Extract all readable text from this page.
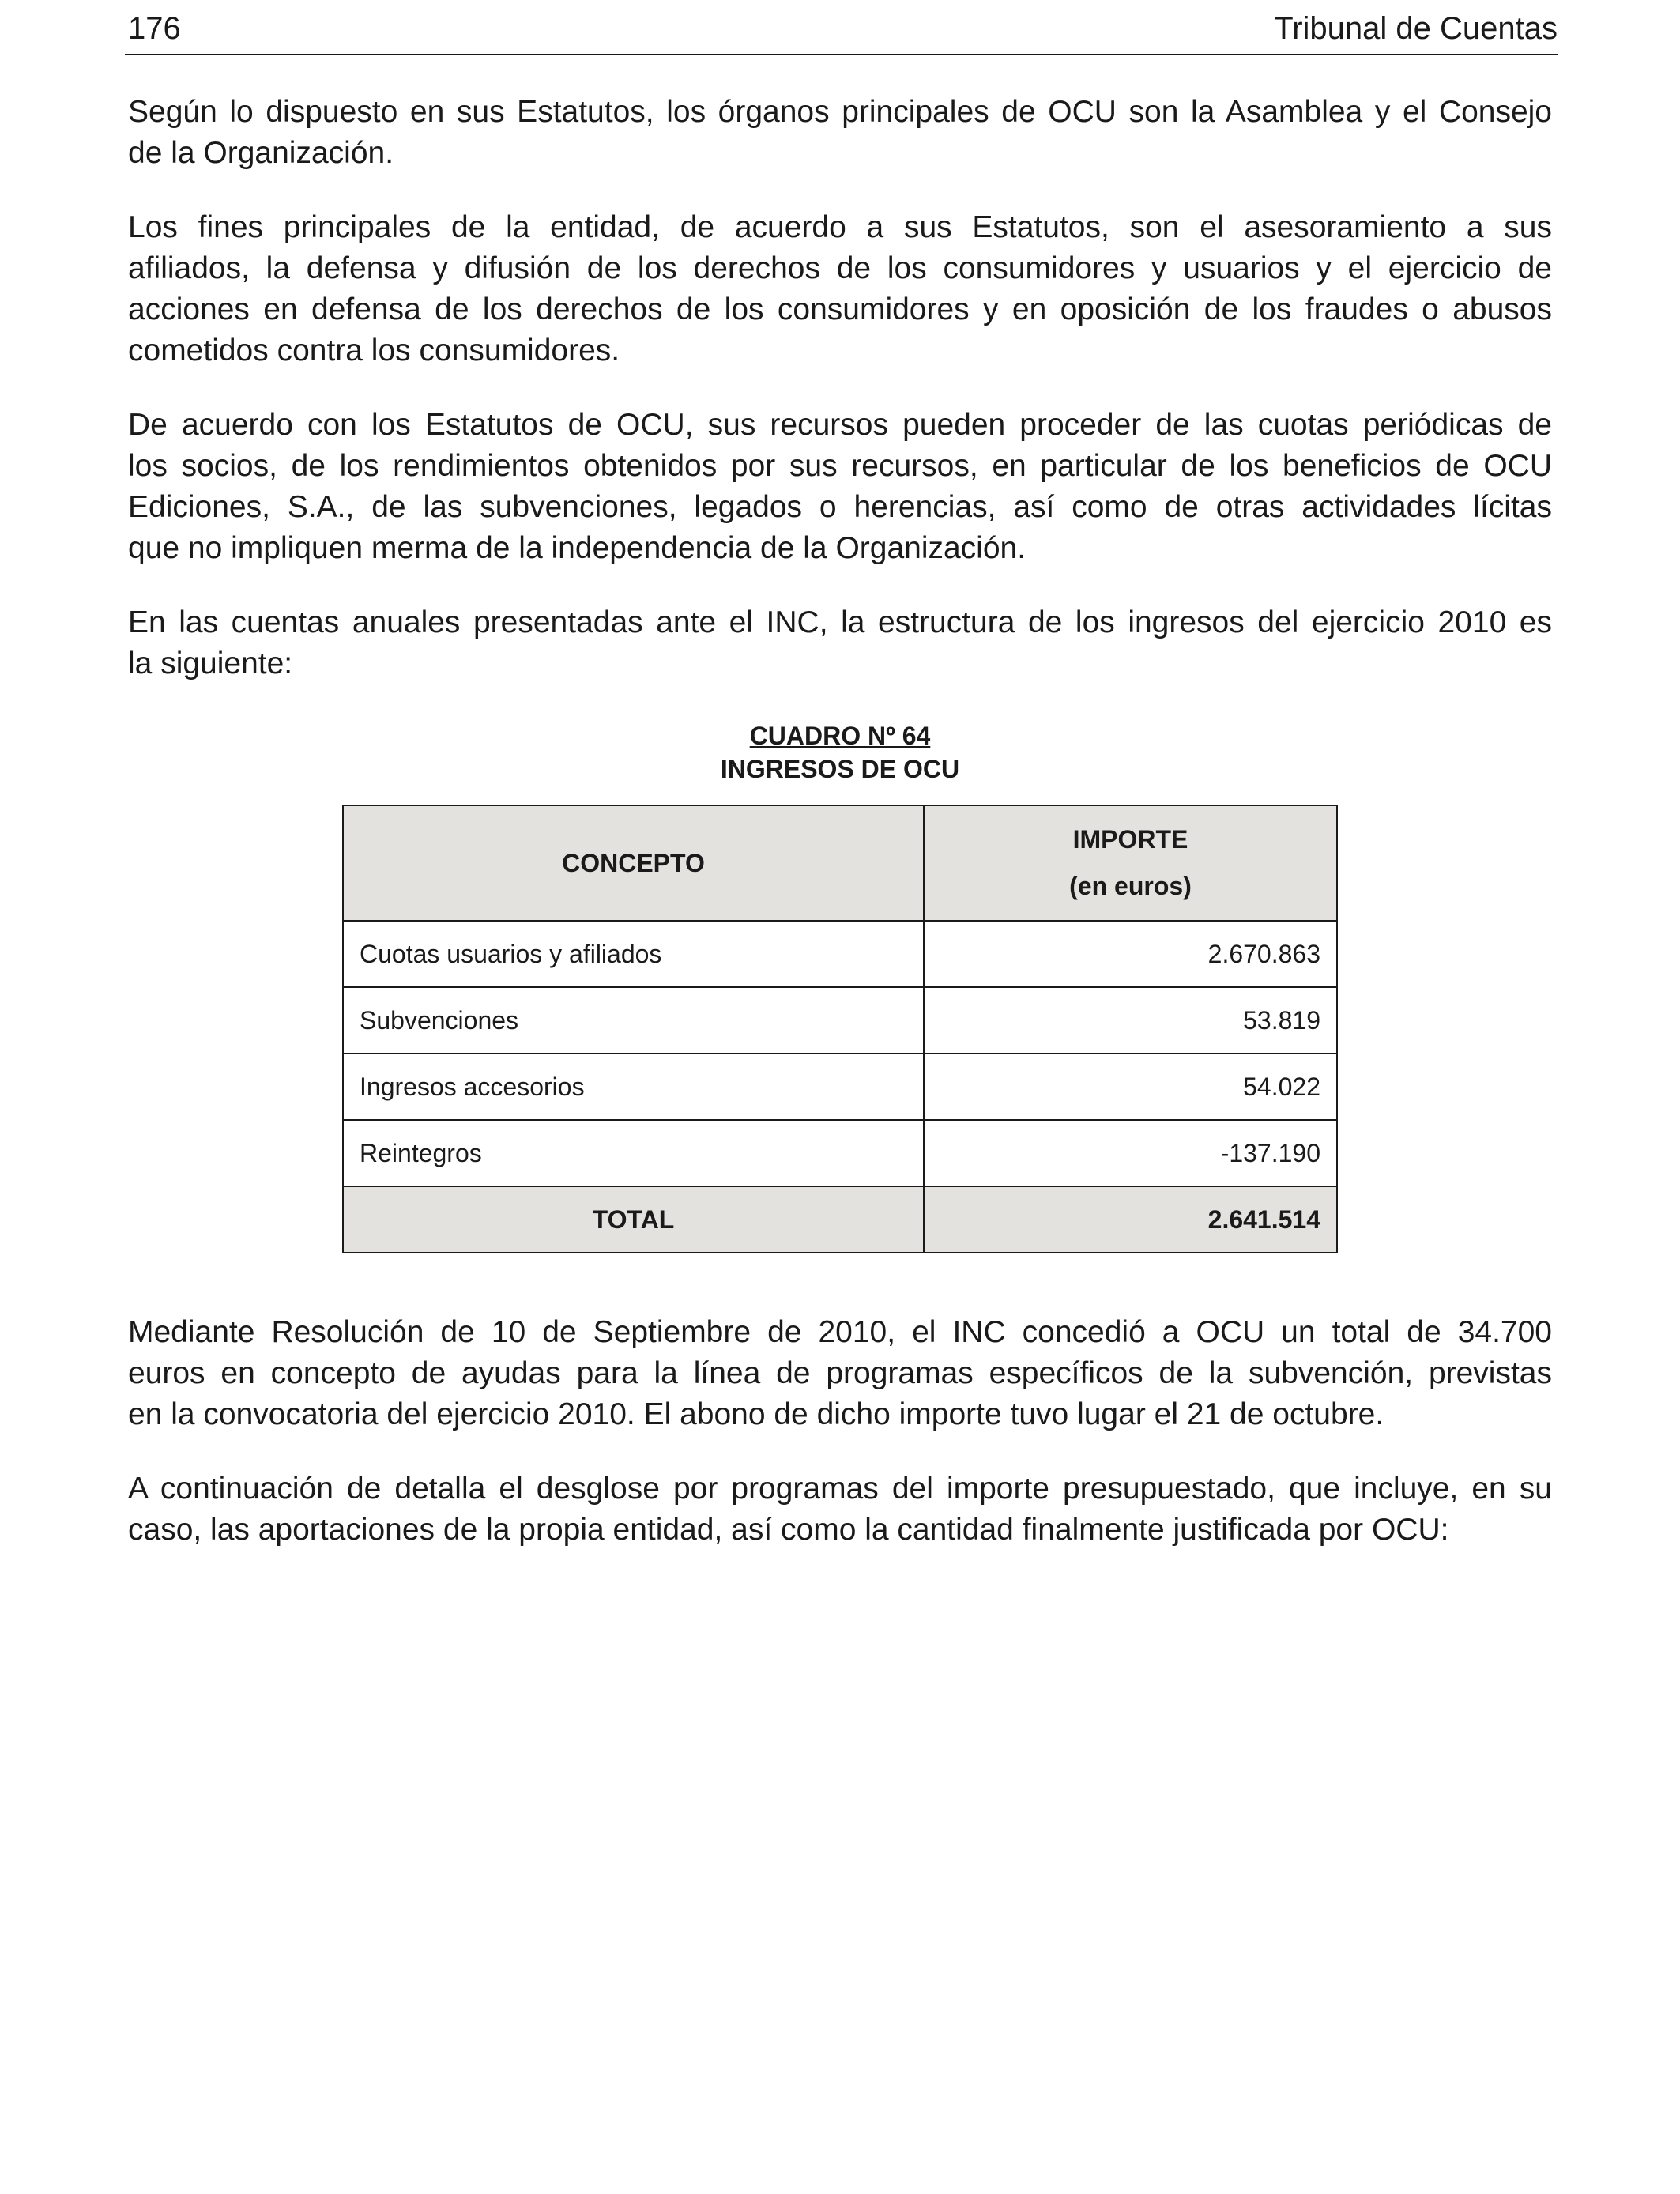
176	Tribunal de Cuentas
Según lo dispuesto en sus Estatutos, los órganos principales de OCU son la Asamblea y el Consejo
de la Organización.
Los fines principales de la entidad, de acuerdo a sus Estatutos, son el asesoramiento a sus
afiliados, la defensa y difusión de los derechos de los consumidores y usuarios y el ejercicio de
acciones en defensa de los derechos de los consumidores y en oposición de los fraudes o abusos
cometidos contra los consumidores.
De acuerdo con los Estatutos de OCU, sus recursos pueden proceder de las cuotas periódicas de
los socios, de los rendimientos obtenidos por sus recursos, en particular de los beneficios de OCU
Ediciones, S.A., de las subvenciones, legados o herencias, así como de otras actividades lícitas
que no impliquen merma de la independencia de la Organización.
En las cuentas anuales presentadas ante el INC, la estructura de los ingresos del ejercicio 2010 es
la siguiente:
CUADRO Nº 64
INGRESOS DE OCU
CONCEPTO	IMPORTE
(en euros)

Cuotas usuarios y afiliados	2.670.863
Subvenciones	53.819
Ingresos accesorios	54.022
Reintegros	-137.190
TOTAL	2.641.514
Mediante Resolución de 10 de Septiembre de 2010, el INC concedió a OCU un total de 34.700
euros en concepto de ayudas para la línea de programas específicos de la subvención, previstas
en la convocatoria del ejercicio 2010. El abono de dicho importe tuvo lugar el 21 de octubre.
A continuación de detalla el desglose por programas del importe presupuestado, que incluye, en su
caso, las aportaciones de la propia entidad, así como la cantidad finalmente justificada por OCU:
